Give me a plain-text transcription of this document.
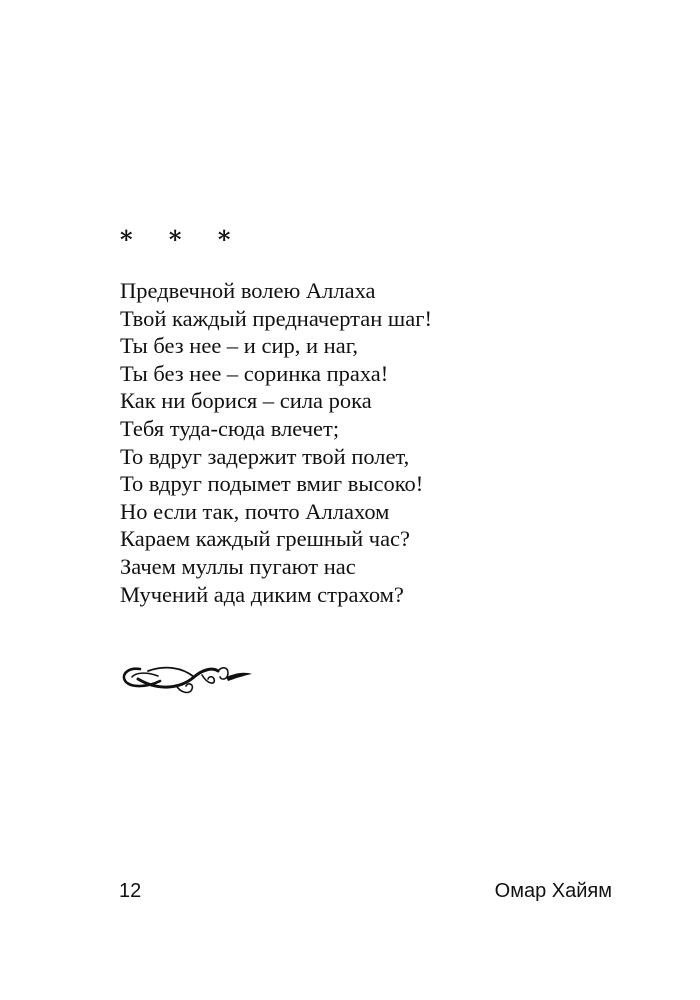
* * *
Предвечной волею Аллаха
Твой каждый предначертан шаг!
Ты без нее – и сир, и наг,
Ты без нее – соринка праха!
Как ни борися – сила рока
Тебя туда-сюда влечет;
То вдруг задержит твой полет,
То вдруг подымет вмиг высоко!
Но если так, почто Аллахом
Караем каждый грешный час?
Зачем муллы пугают нас
Мучений ада диким страхом?
12	Омар Хайям
